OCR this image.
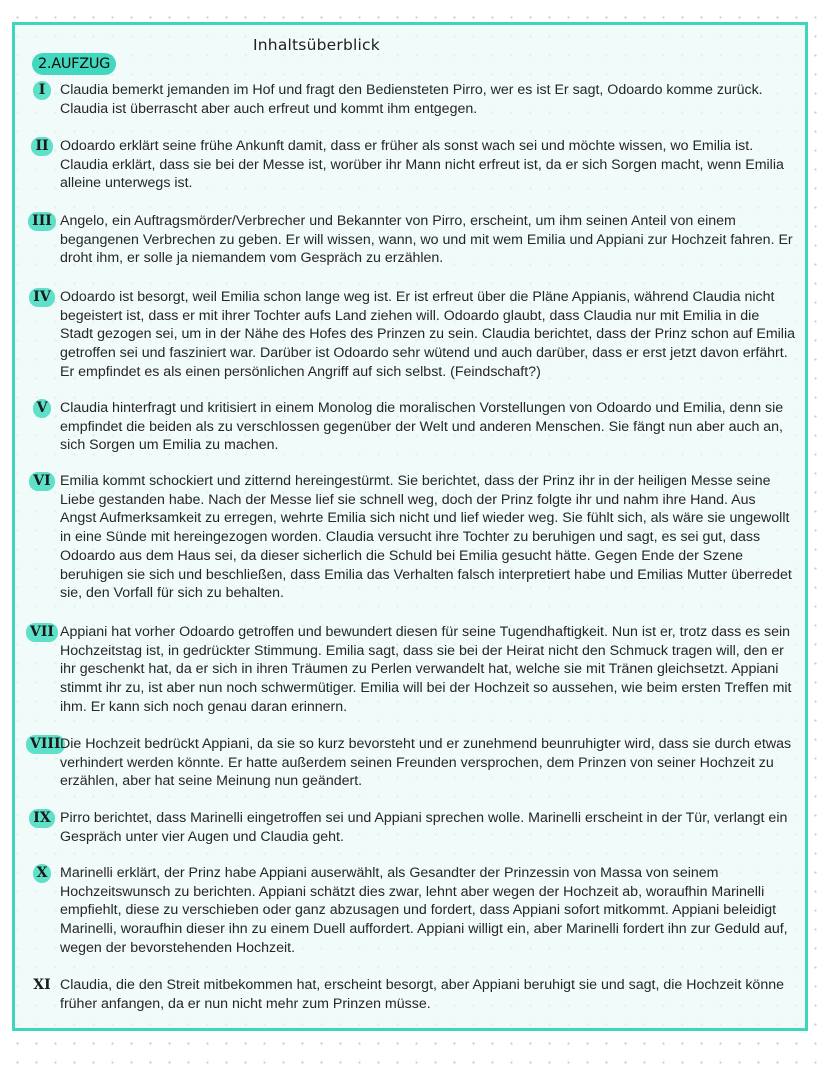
Inhaltsüberblick
2.AUFZUG
I	Claudia bemerkt jemanden im Hof und fragt den Bediensteten Pirro, wer es ist Er sagt, Odoardo komme zurück. Claudia ist überrascht aber auch erfreut und kommt ihm entgegen.
II Odoardo erklärt seine frühe Ankunft damit, dass er früher als sonst wach sei und möchte wissen, wo Emilia ist. Claudia erklärt, dass sie bei der Messe ist, worüber ihr Mann nicht erfreut ist, da er sich Sorgen macht, wenn Emilia alleine unterwegs ist.
III Angelo, ein Auftragsmörder/Verbrecher und Bekannter von Pirro, erscheint, um ihm seinen Anteil von einem begangenen Verbrechen zu geben. Er will wissen, wann, wo und mit wem Emilia und Appiani zur Hochzeit fahren. Er droht ihm, er solle ja niemandem vom Gespräch zu erzählen.
IV Odoardo ist besorgt, weil Emilia schon lange weg ist. Er ist erfreut über die Pläne Appianis, während Claudia nicht begeistert ist, dass er mit ihrer Tochter aufs Land ziehen will. Odoardo glaubt, dass Claudia nur mit Emilia in die Stadt gezogen sei, um in der Nähe des Hofes des Prinzen zu sein. Claudia berichtet, dass der Prinz schon auf Emilia getroffen sei und fasziniert war. Darüber ist Odoardo sehr wütend und auch darüber, dass er erst jetzt davon erfährt. Er empfindet es als einen persönlichen Angriff auf sich selbst. (Feindschaft?)
V Claudia hinterfragt und kritisiert in einem Monolog die moralischen Vorstellungen von Odoardo und Emilia, denn sie empfindet die beiden als zu verschlossen gegenüber der Welt und anderen Menschen. Sie fängt nun aber auch an, sich Sorgen um Emilia zu machen.
VI Emilia kommt schockiert und zitternd hereingestürmt. Sie berichtet, dass der Prinz ihr in der heiligen Messe seine Liebe gestanden habe. Nach der Messe lief sie schnell weg, doch der Prinz folgte ihr und nahm ihre Hand. Aus Angst Aufmerksamkeit zu erregen, wehrte Emilia sich nicht und lief wieder weg. Sie fühlt sich, als wäre sie ungewollt in eine Sünde mit hereingezogen worden. Claudia versucht ihre Tochter zu beruhigen und sagt, es sei gut, dass Odoardo aus dem Haus sei, da dieser sicherlich die Schuld bei Emilia gesucht hätte. Gegen Ende der Szene beruhigen sie sich und beschließen, dass Emilia das Verhalten falsch interpretiert habe und Emilias Mutter überredet sie, den Vorfall für sich zu behalten.
VII Appiani hat vorher Odoardo getroffen und bewundert diesen für seine Tugendhaftigkeit. Nun ist er, trotz dass es sein Hochzeitstag ist, in gedrückter Stimmung. Emilia sagt, dass sie bei der Heirat nicht den Schmuck tragen will, den er ihr geschenkt hat, da er sich in ihren Träumen zu Perlen verwandelt hat, welche sie mit Tränen gleichsetzt. Appiani stimmt ihr zu, ist aber nun noch schwermütiger. Emilia will bei der Hochzeit so aussehen, wie beim ersten Treffen mit ihm. Er kann sich noch genau daran erinnern.
VIII Die Hochzeit bedrückt Appiani, da sie so kurz bevorsteht und er zunehmend beunruhigter wird, dass sie durch etwas verhindert werden könnte. Er hatte außerdem seinen Freunden versprochen, dem Prinzen von seiner Hochzeit zu erzählen, aber hat seine Meinung nun geändert.
IX Pirro berichtet, dass Marinelli eingetroffen sei und Appiani sprechen wolle. Marinelli erscheint in der Tür, verlangt ein Gespräch unter vier Augen und Claudia geht.
X Marinelli erklärt, der Prinz habe Appiani auserwählt, als Gesandter der Prinzessin von Massa von seinem Hochzeitswunsch zu berichten. Appiani schätzt dies zwar, lehnt aber wegen der Hochzeit ab, woraufhin Marinelli empfiehlt, diese zu verschieben oder ganz abzusagen und fordert, dass Appiani sofort mitkommt. Appiani beleidigt Marinelli, woraufhin dieser ihn zu einem Duell auffordert. Appiani willigt ein, aber Marinelli fordert ihn zur Geduld auf, wegen der bevorstehenden Hochzeit.
XI Claudia, die den Streit mitbekommen hat, erscheint besorgt, aber Appiani beruhigt sie und sagt, die Hochzeit könne früher anfangen, da er nun nicht mehr zum Prinzen müsse.
